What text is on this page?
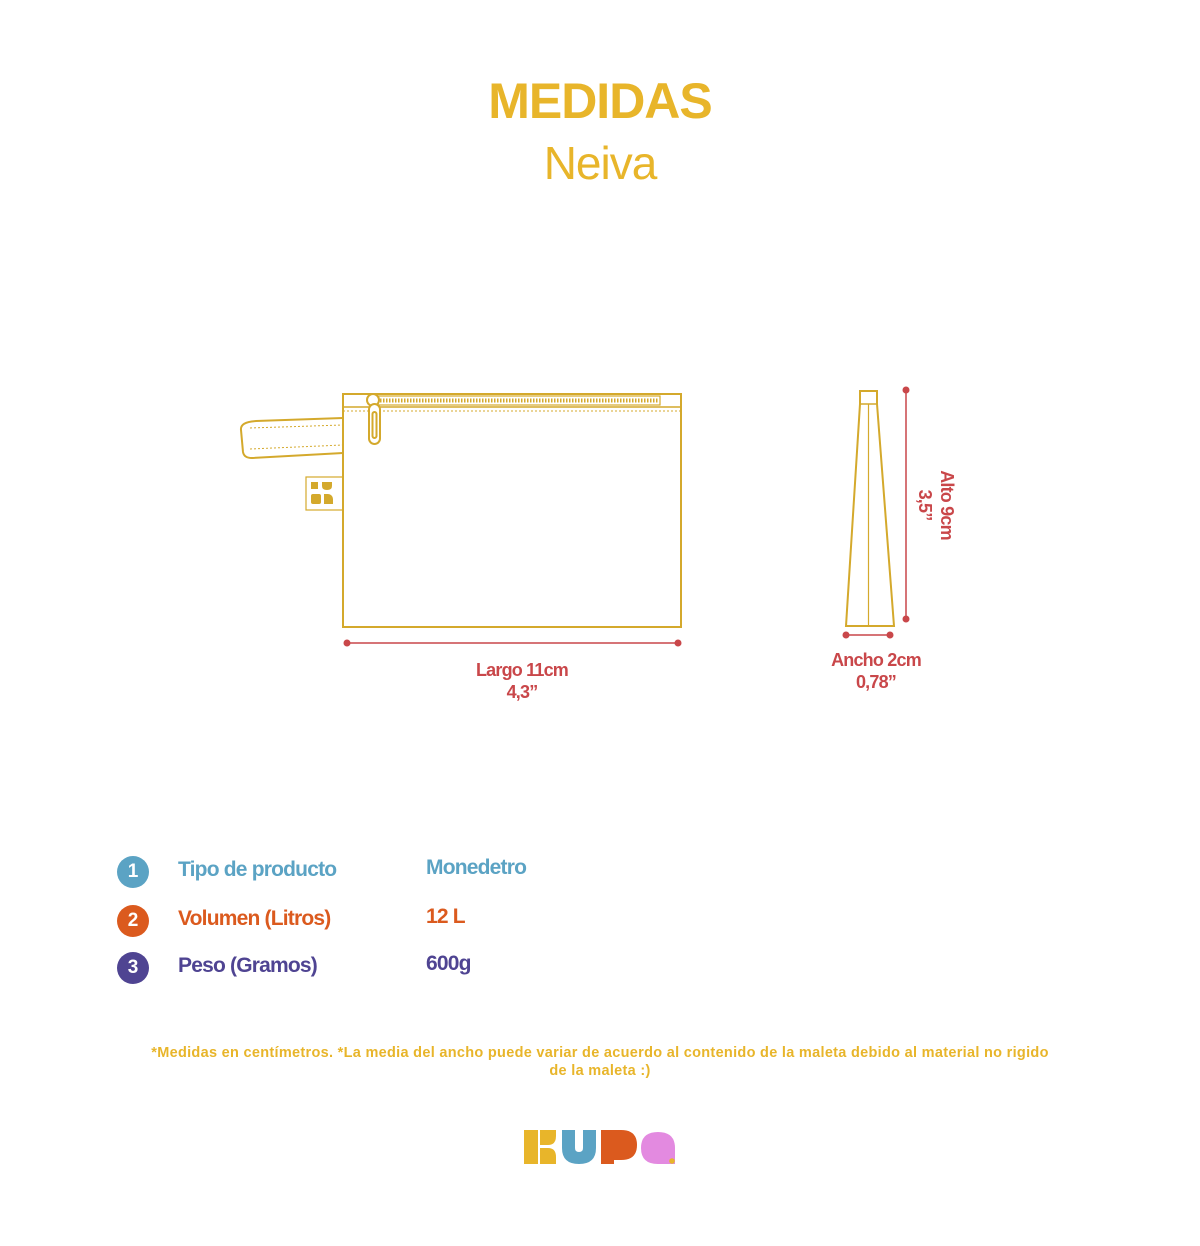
MEDIDAS
Neiva
Largo 11cm
4,3”
Ancho 2cm
0,78”
Alto 9cm
3,5”
1	Tipo de producto	Monedetro
2	Volumen (Litros)	12 L
3	Peso (Gramos)	600g
*Medidas en centímetros. *La media del ancho puede variar de acuerdo al contenido de la maleta debido al material no rigido
de la maleta :)
